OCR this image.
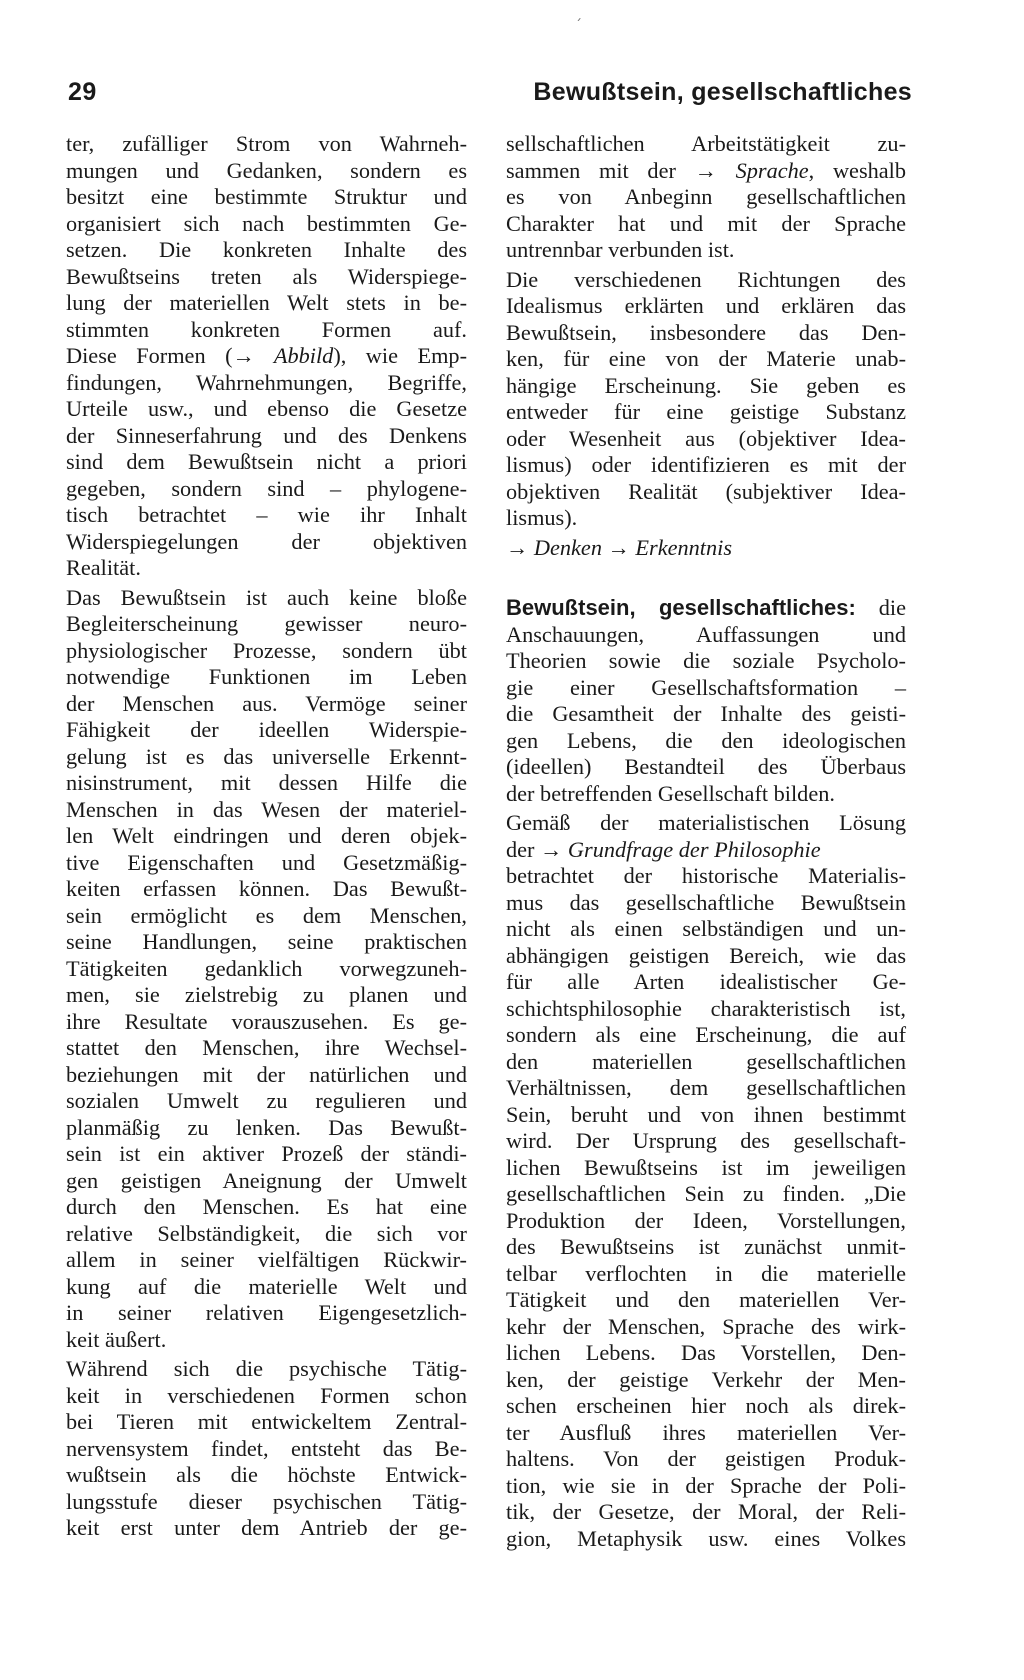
29	Bewußtsein, gesellschaftliches
ter, zufälliger Strom von Wahrneh-
mungen und Gedanken, sondern es
besitzt eine bestimmte Struktur und
organisiert sich nach bestimmten Ge-
setzen. Die konkreten Inhalte des
Bewußtseins treten als Widerspiege-
lung der materiellen Welt stets in be-
stimmten konkreten Formen auf.
Diese Formen (→ Abbild), wie Emp-
findungen, Wahrnehmungen, Begriffe,
Urteile usw., und ebenso die Gesetze
der Sinneserfahrung und des Denkens
sind dem Bewußtsein nicht a priori
gegeben, sondern sind – phylogene-
tisch betrachtet – wie ihr Inhalt
Widerspiegelungen der objektiven
Realität.
Das Bewußtsein ist auch keine bloße
Begleiterscheinung gewisser neuro-
physiologischer Prozesse, sondern übt
notwendige Funktionen im Leben
der Menschen aus. Vermöge seiner
Fähigkeit der ideellen Widerspie-
gelung ist es das universelle Erkennt-
nisinstrument, mit dessen Hilfe die
Menschen in das Wesen der materiel-
len Welt eindringen und deren objek-
tive Eigenschaften und Gesetzmäßig-
keiten erfassen können. Das Bewußt-
sein ermöglicht es dem Menschen,
seine Handlungen, seine praktischen
Tätigkeiten gedanklich vorwegzuneh-
men, sie zielstrebig zu planen und
ihre Resultate vorauszusehen. Es ge-
stattet den Menschen, ihre Wechsel-
beziehungen mit der natürlichen und
sozialen Umwelt zu regulieren und
planmäßig zu lenken. Das Bewußt-
sein ist ein aktiver Prozeß der ständi-
gen geistigen Aneignung der Umwelt
durch den Menschen. Es hat eine
relative Selbständigkeit, die sich vor
allem in seiner vielfältigen Rückwir-
kung auf die materielle Welt und
in seiner relativen Eigengesetzlich-
keit äußert.
Während sich die psychische Tätig-
keit in verschiedenen Formen schon
bei Tieren mit entwickeltem Zentral-
nervensystem findet, entsteht das Be-
wußtsein als die höchste Entwick-
lungsstufe dieser psychischen Tätig-
keit erst unter dem Antrieb der ge-
sellschaftlichen Arbeitstätigkeit zu-
sammen mit der → Sprache, weshalb
es von Anbeginn gesellschaftlichen
Charakter hat und mit der Sprache
untrennbar verbunden ist.
Die verschiedenen Richtungen des
Idealismus erklärten und erklären das
Bewußtsein, insbesondere das Den-
ken, für eine von der Materie unab-
hängige Erscheinung. Sie geben es
entweder für eine geistige Substanz
oder Wesenheit aus (objektiver Idea-
lismus) oder identifizieren es mit der
objektiven Realität (subjektiver Idea-
lismus).
→ Denken → Erkenntnis
Bewußtsein, gesellschaftliches: die
Anschauungen, Auffassungen und
Theorien sowie die soziale Psycholo-
gie einer Gesellschaftsformation –
die Gesamtheit der Inhalte des geisti-
gen Lebens, die den ideologischen
(ideellen) Bestandteil des Überbaus
der betreffenden Gesellschaft bilden.
Gemäß der materialistischen Lösung
der → Grundfrage der Philosophie
betrachtet der historische Materialis-
mus das gesellschaftliche Bewußtsein
nicht als einen selbständigen und un-
abhängigen geistigen Bereich, wie das
für alle Arten idealistischer Ge-
schichtsphilosophie charakteristisch ist,
sondern als eine Erscheinung, die auf
den materiellen gesellschaftlichen
Verhältnissen, dem gesellschaftlichen
Sein, beruht und von ihnen bestimmt
wird. Der Ursprung des gesellschaft-
lichen Bewußtseins ist im jeweiligen
gesellschaftlichen Sein zu finden. „Die
Produktion der Ideen, Vorstellungen,
des Bewußtseins ist zunächst unmit-
telbar verflochten in die materielle
Tätigkeit und den materiellen Ver-
kehr der Menschen, Sprache des wirk-
lichen Lebens. Das Vorstellen, Den-
ken, der geistige Verkehr der Men-
schen erscheinen hier noch als direk-
ter Ausfluß ihres materiellen Ver-
haltens. Von der geistigen Produk-
tion, wie sie in der Sprache der Poli-
tik, der Gesetze, der Moral, der Reli-
gion, Metaphysik usw. eines Volkes
ˊ
